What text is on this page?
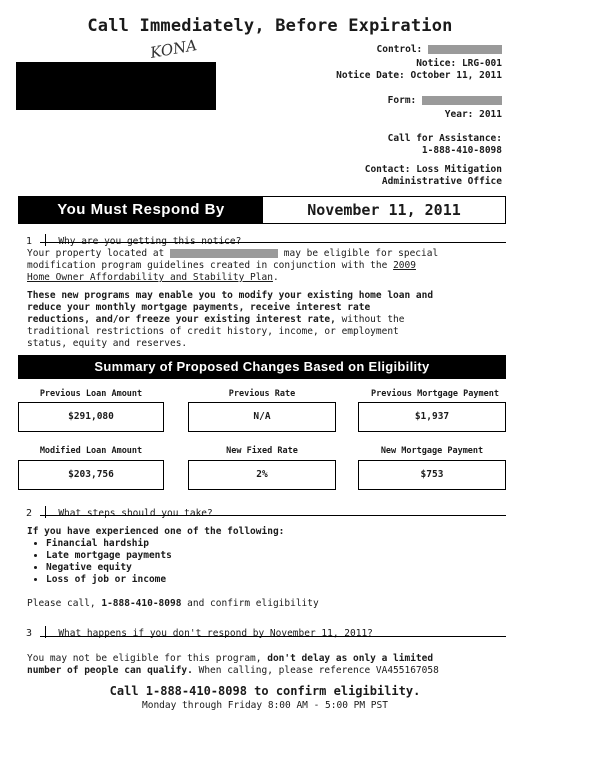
Call Immediately, Before Expiration
KONA	Control:
Notice: LRG-001
Notice Date: October 11, 2011
Form:
Year: 2011
Call for Assistance:
1-888-410-8098
Contact: Loss Mitigation
Administrative Office
You Must Respond By	November 11, 2011
1	Why are you getting this notice?
Your property located at	may be eligible for special
modification program guidelines created in conjunction with the 2009
Home Owner Affordability and Stability Plan.
These new programs may enable you to modify your existing home loan and
reduce your monthly mortgage payments, receive interest rate
reductions, and/or freeze your existing interest rate, without the
traditional restrictions of credit history, income, or employment
status, equity and reserves.
Summary of Proposed Changes Based on Eligibility
Previous Loan Amount	Previous Rate	Previous Mortgage Payment
$291,080	N/A	$1,937
Modified Loan Amount	New Fixed Rate	New Mortgage Payment
$203,756	2%	$753
2	What steps should you take?
If you have experienced one of the following:
• Financial hardship
• Late mortgage payments
• Negative equity
• Loss of job or income
Please call, 1-888-410-8098 and confirm eligibility
3	What happens if you don't respond by November 11, 2011?
You may not be eligible for this program, don't delay as only a limited
number of people can qualify. When calling, please reference VA455167058
Call 1-888-410-8098 to confirm eligibility.
Monday through Friday 8:00 AM - 5:00 PM PST
